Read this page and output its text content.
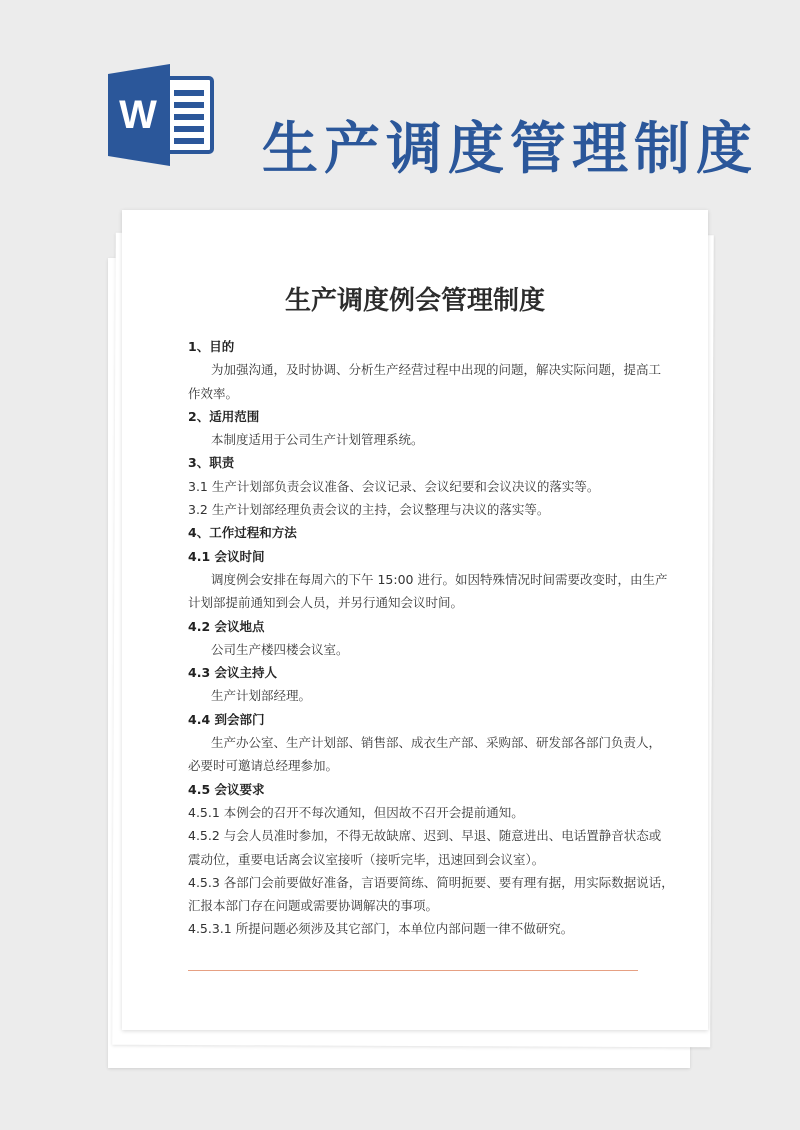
W
生产调度管理制度
生产调度例会管理制度
1、目的
为加强沟通，及时协调、分析生产经营过程中出现的问题，解决实际问题，提高工
作效率。
2、适用范围
本制度适用于公司生产计划管理系统。
3、职责
3.1 生产计划部负责会议准备、会议记录、会议纪要和会议决议的落实等。
3.2 生产计划部经理负责会议的主持，会议整理与决议的落实等。
4、工作过程和方法
4.1 会议时间
调度例会安排在每周六的下午 15:00 进行。如因特殊情况时间需要改变时，由生产
计划部提前通知到会人员，并另行通知会议时间。
4.2 会议地点
公司生产楼四楼会议室。
4.3 会议主持人
生产计划部经理。
4.4 到会部门
生产办公室、生产计划部、销售部、成衣生产部、采购部、研发部各部门负责人，
必要时可邀请总经理参加。
4.5 会议要求
4.5.1 本例会的召开不每次通知，但因故不召开会提前通知。
4.5.2 与会人员准时参加，不得无故缺席、迟到、早退、随意进出、电话置静音状态或
震动位，重要电话离会议室接听（接听完毕，迅速回到会议室）。
4.5.3 各部门会前要做好准备，言语要简练、简明扼要、要有理有据，用实际数据说话，
汇报本部门存在问题或需要协调解决的事项。
4.5.3.1 所提问题必须涉及其它部门，本单位内部问题一律不做研究。
